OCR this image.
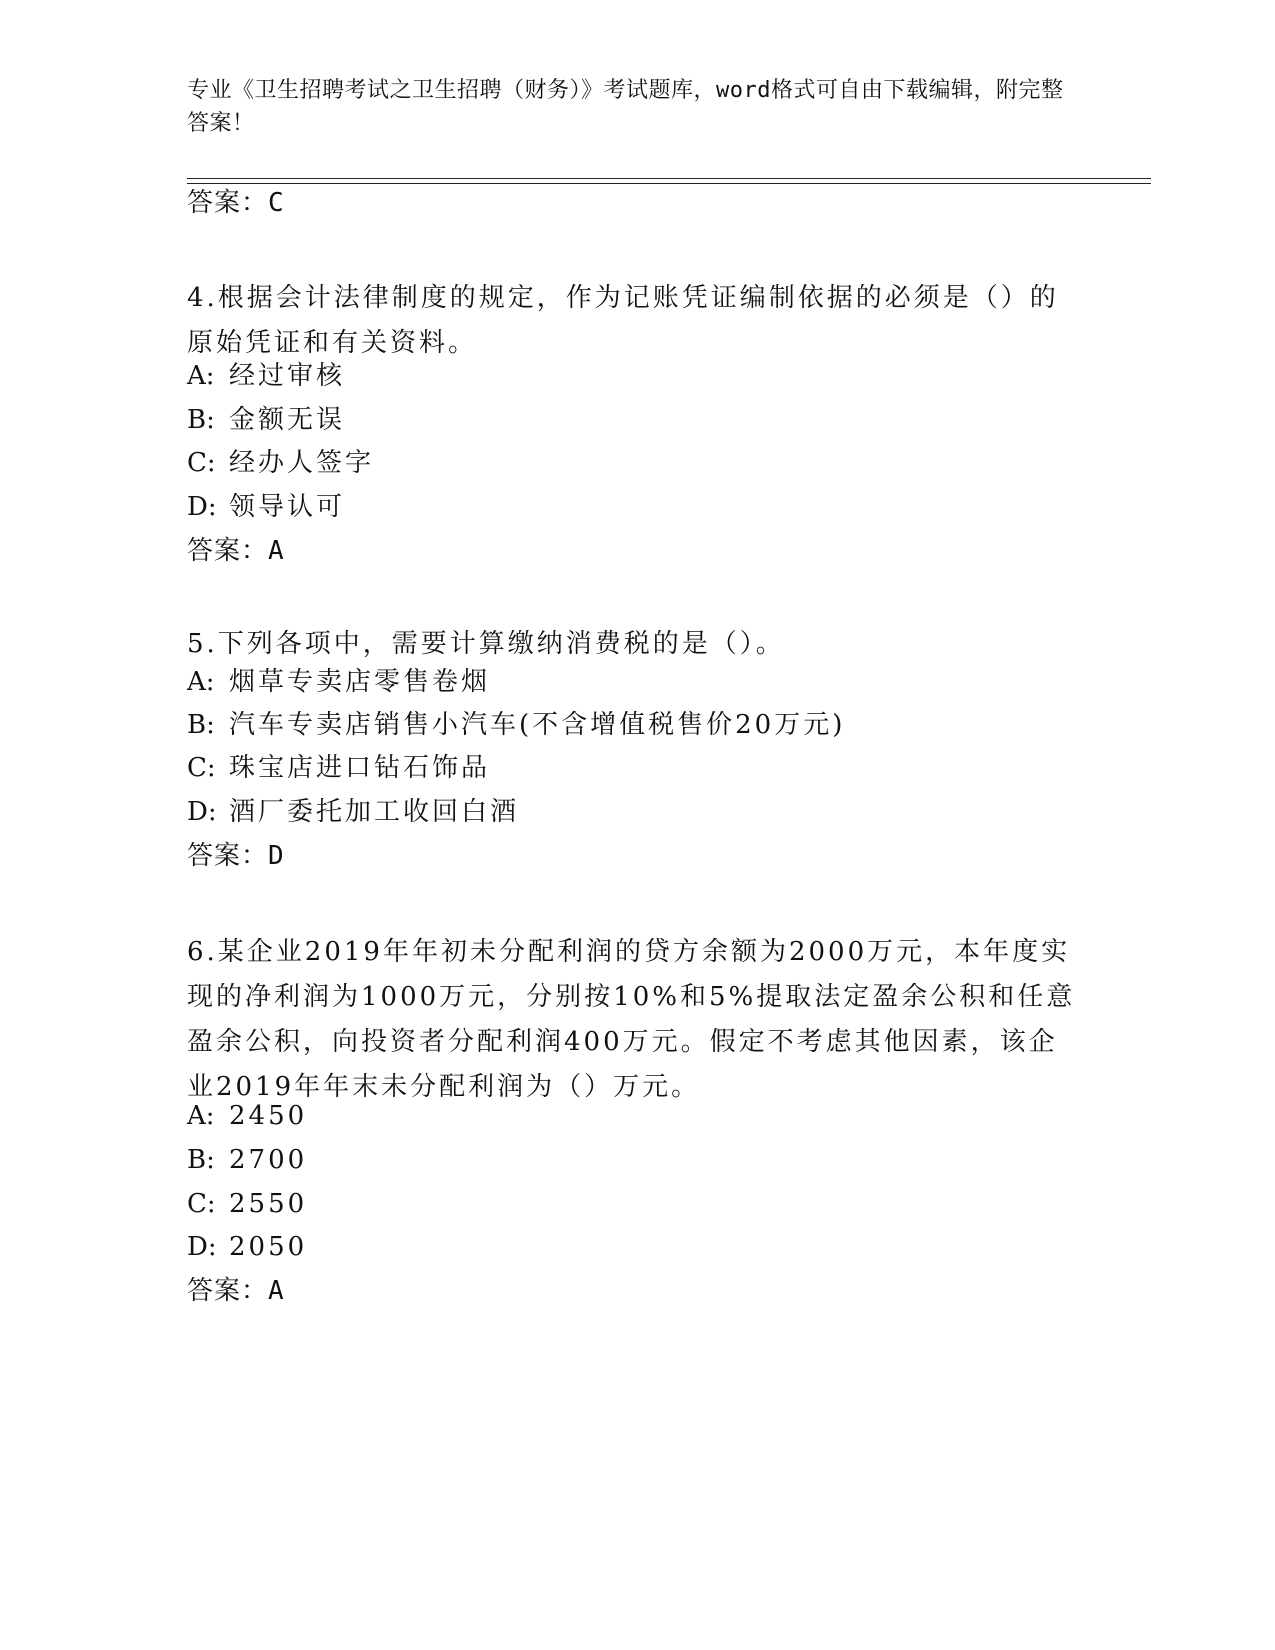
专业《卫生招聘考试之卫生招聘（财务）》考试题库，word格式可自由下载编辑，附完整答案！
答案：C
4.根据会计法律制度的规定，作为记账凭证编制依据的必须是（）的原始凭证和有关资料。
A: 经过审核
B: 金额无误
C: 经办人签字
D: 领导认可
答案：A
5.下列各项中，需要计算缴纳消费税的是（）。
A: 烟草专卖店零售卷烟
B: 汽车专卖店销售小汽车(不含增值税售价20万元)
C: 珠宝店进口钻石饰品
D: 酒厂委托加工收回白酒
答案：D
6.某企业2019年年初未分配利润的贷方余额为2000万元，本年度实现的净利润为1000万元，分别按10%和5%提取法定盈余公积和任意盈余公积，向投资者分配利润400万元。假定不考虑其他因素，该企业2019年年末未分配利润为（）万元。
A: 2450
B: 2700
C: 2550
D: 2050
答案：A
